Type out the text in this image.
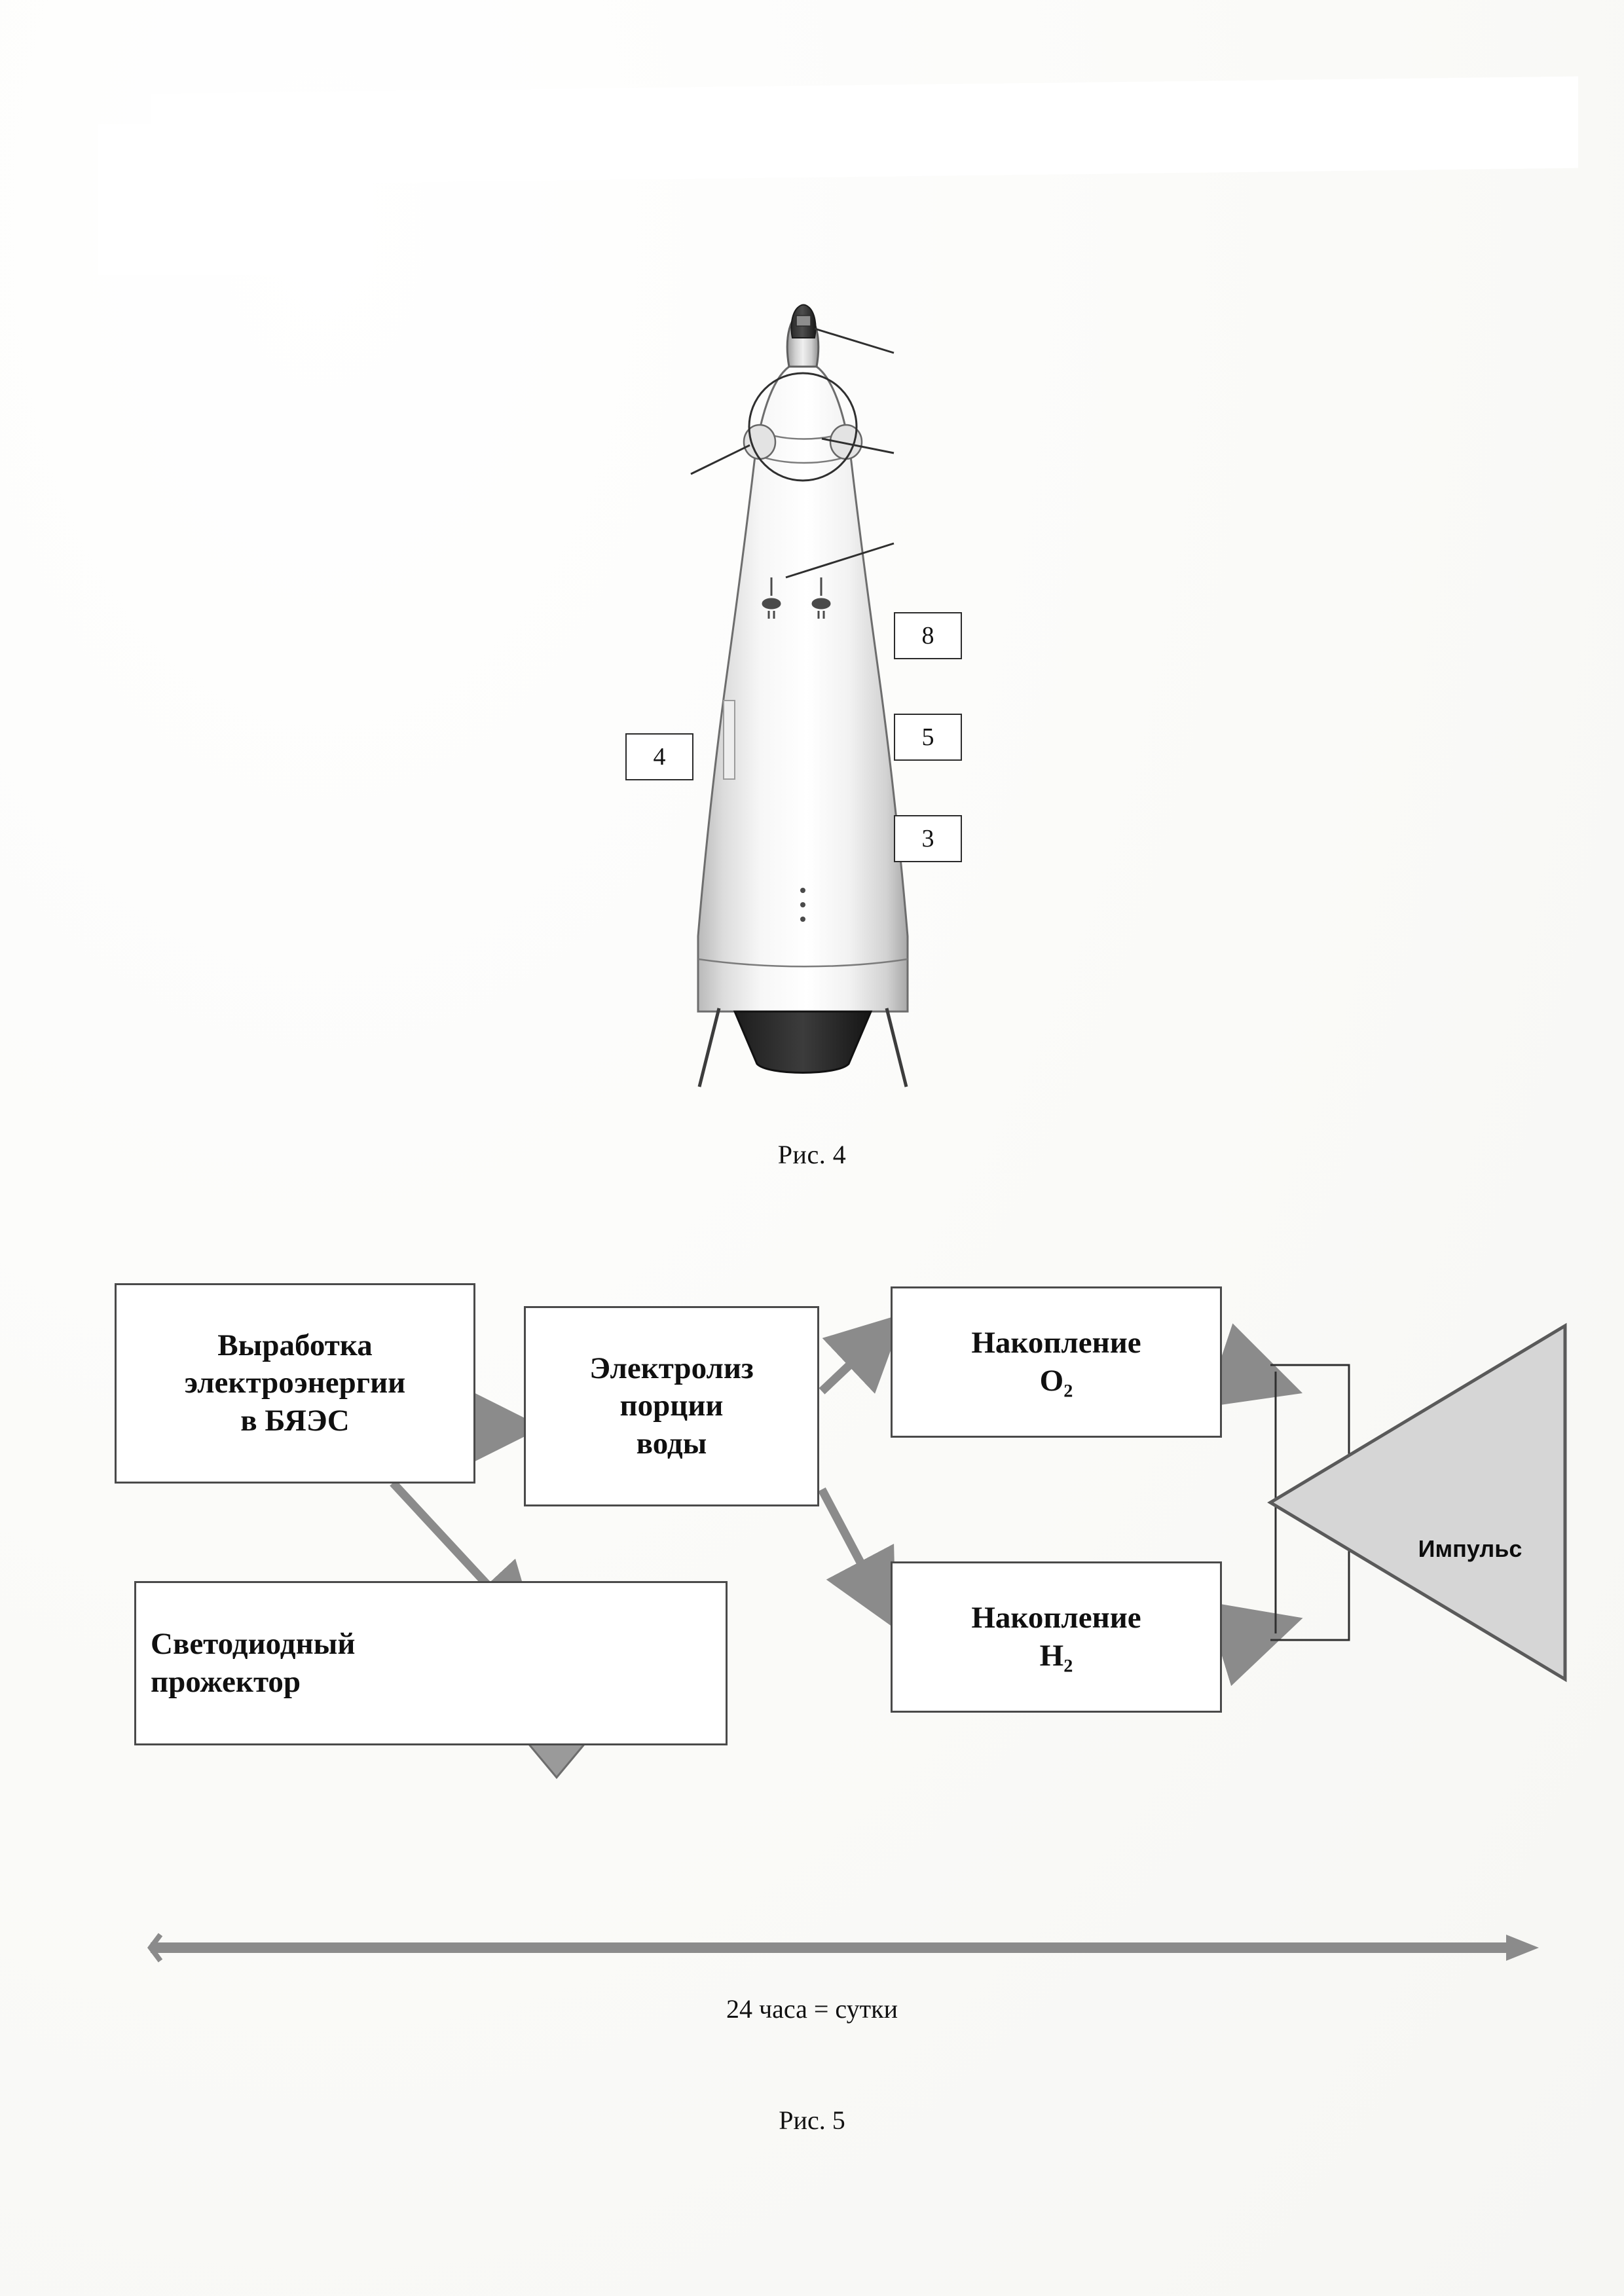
8
5
4
3
Рис. 4
Выработка
электроэнергии
в БЯЭС
Электролиз
порции
воды
Накопление
O₂
Накопление
H₂
Светодиодный
прожектор
Импульс
24 часа = сутки
Рис. 5
